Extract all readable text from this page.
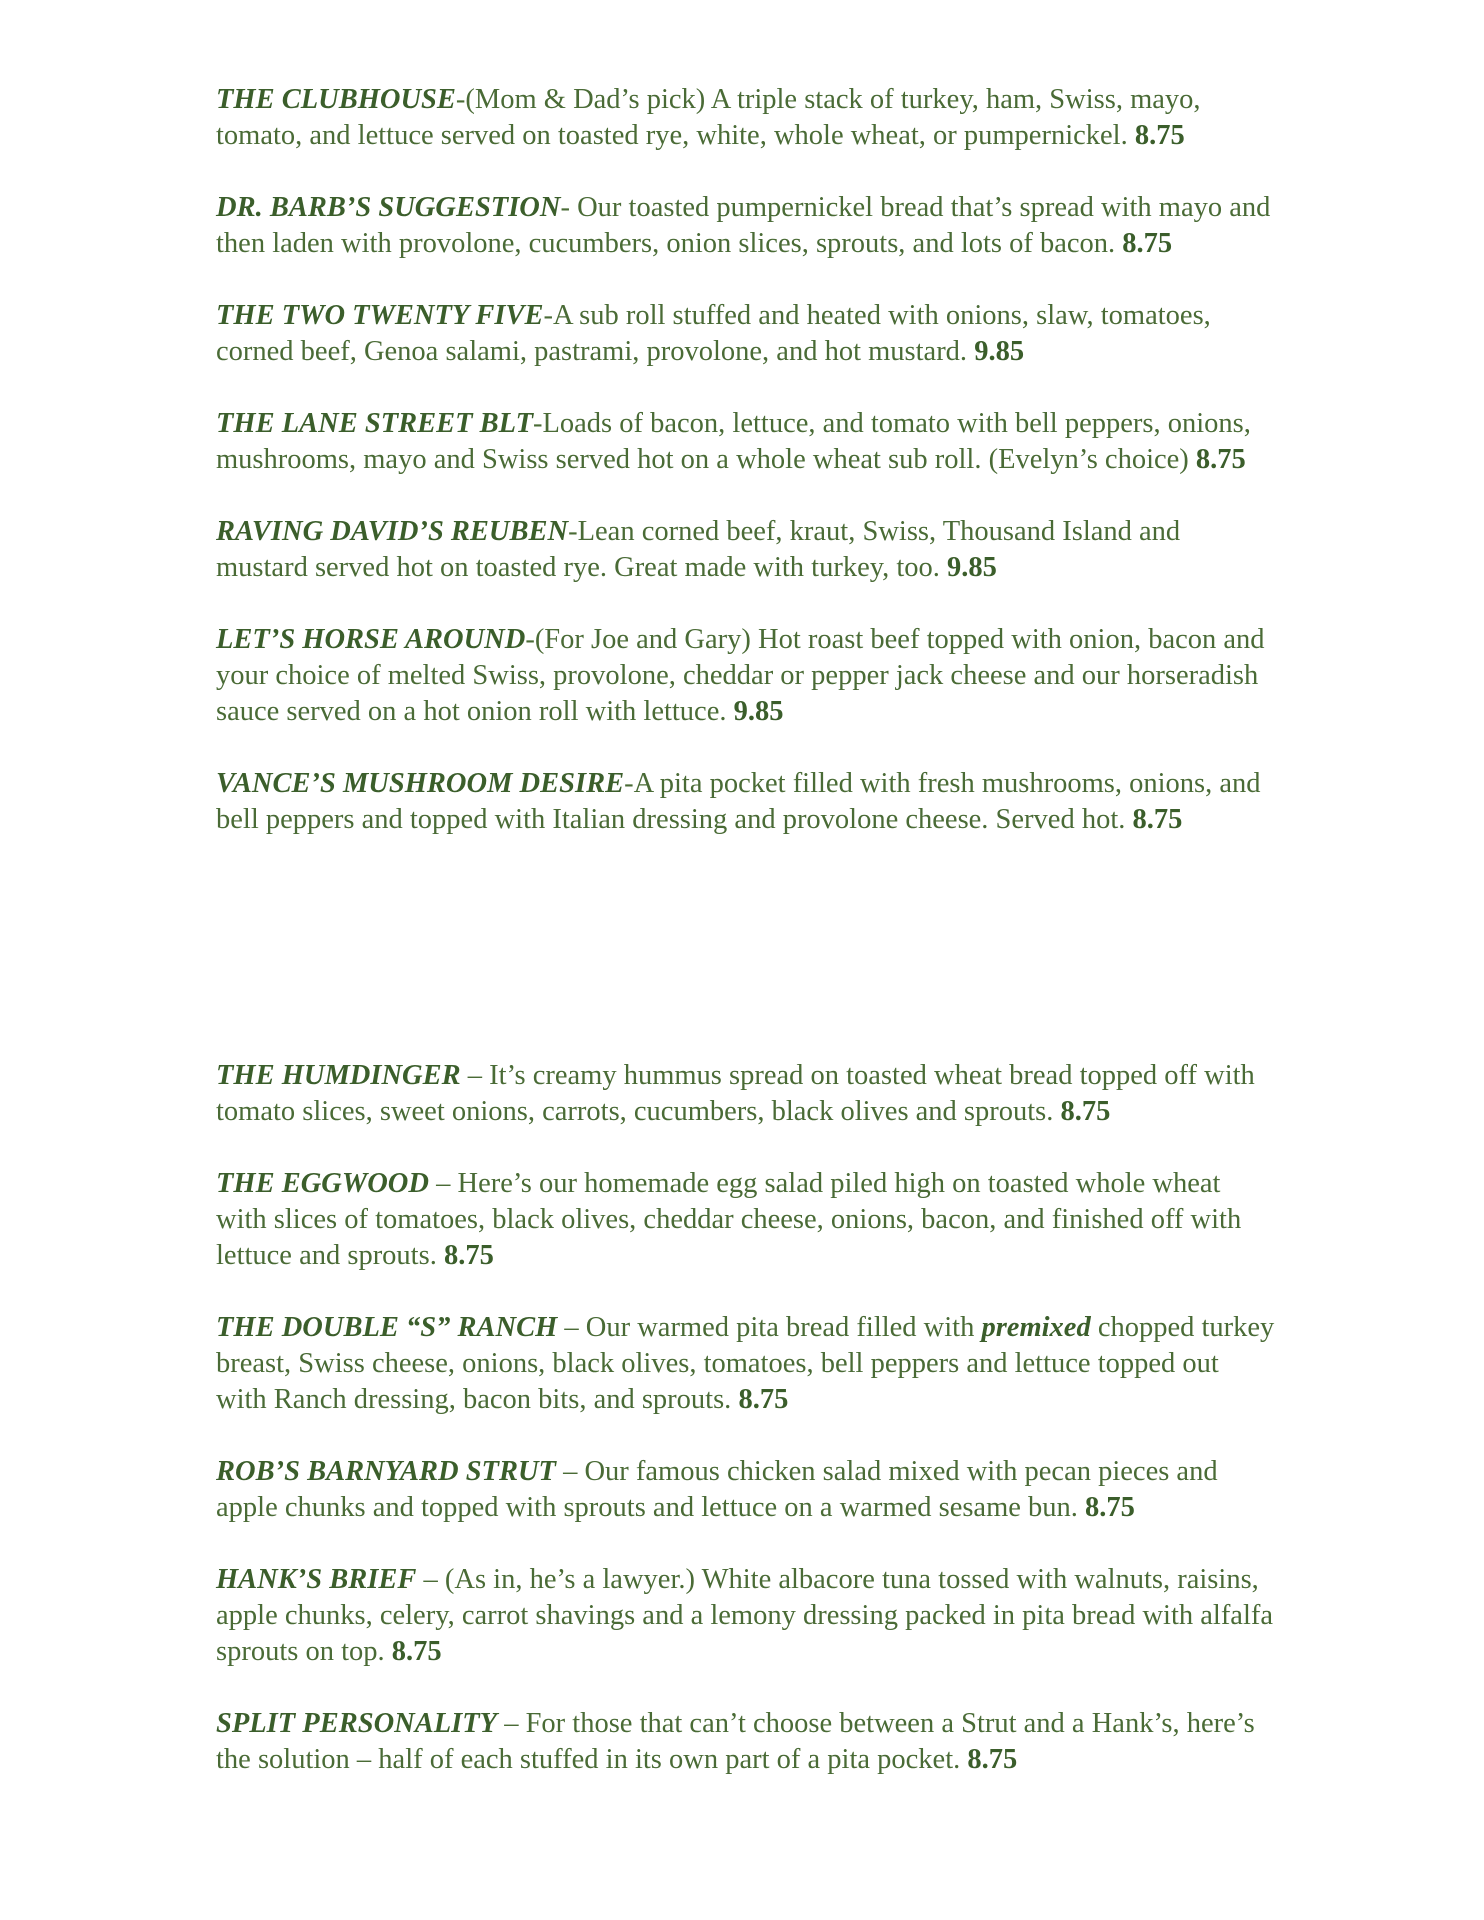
THE CLUBHOUSE-(Mom & Dad’s pick) A triple stack of turkey, ham, Swiss, mayo, tomato, and lettuce served on toasted rye, white, whole wheat, or pumpernickel. 8.75

DR. BARB’S SUGGESTION- Our toasted pumpernickel bread that’s spread with mayo and then laden with provolone, cucumbers, onion slices, sprouts, and lots of bacon. 8.75

THE TWO TWENTY FIVE-A sub roll stuffed and heated with onions, slaw, tomatoes, corned beef, Genoa salami, pastrami, provolone, and hot mustard. 9.85

THE LANE STREET BLT-Loads of bacon, lettuce, and tomato with bell peppers, onions, mushrooms, mayo and Swiss served hot on a whole wheat sub roll. (Evelyn’s choice) 8.75

RAVING DAVID’S REUBEN-Lean corned beef, kraut, Swiss, Thousand Island and mustard served hot on toasted rye. Great made with turkey, too. 9.85

LET’S HORSE AROUND-(For Joe and Gary) Hot roast beef topped with onion, bacon and your choice of melted Swiss, provolone, cheddar or pepper jack cheese and our horseradish sauce served on a hot onion roll with lettuce. 9.85

VANCE’S MUSHROOM DESIRE-A pita pocket filled with fresh mushrooms, onions, and bell peppers and topped with Italian dressing and provolone cheese. Served hot. 8.75

THE HUMDINGER – It’s creamy hummus spread on toasted wheat bread topped off with tomato slices, sweet onions, carrots, cucumbers, black olives and sprouts. 8.75

THE EGGWOOD – Here’s our homemade egg salad piled high on toasted whole wheat with slices of tomatoes, black olives, cheddar cheese, onions, bacon, and finished off with lettuce and sprouts. 8.75

THE DOUBLE “S” RANCH – Our warmed pita bread filled with premixed chopped turkey breast, Swiss cheese, onions, black olives, tomatoes, bell peppers and lettuce topped out with Ranch dressing, bacon bits, and sprouts. 8.75

ROB’S BARNYARD STRUT – Our famous chicken salad mixed with pecan pieces and apple chunks and topped with sprouts and lettuce on a warmed sesame bun. 8.75

HANK’S BRIEF – (As in, he’s a lawyer.) White albacore tuna tossed with walnuts, raisins, apple chunks, celery, carrot shavings and a lemony dressing packed in pita bread with alfalfa sprouts on top. 8.75

SPLIT PERSONALITY – For those that can’t choose between a Strut and a Hank’s, here’s the solution – half of each stuffed in its own part of a pita pocket. 8.75
